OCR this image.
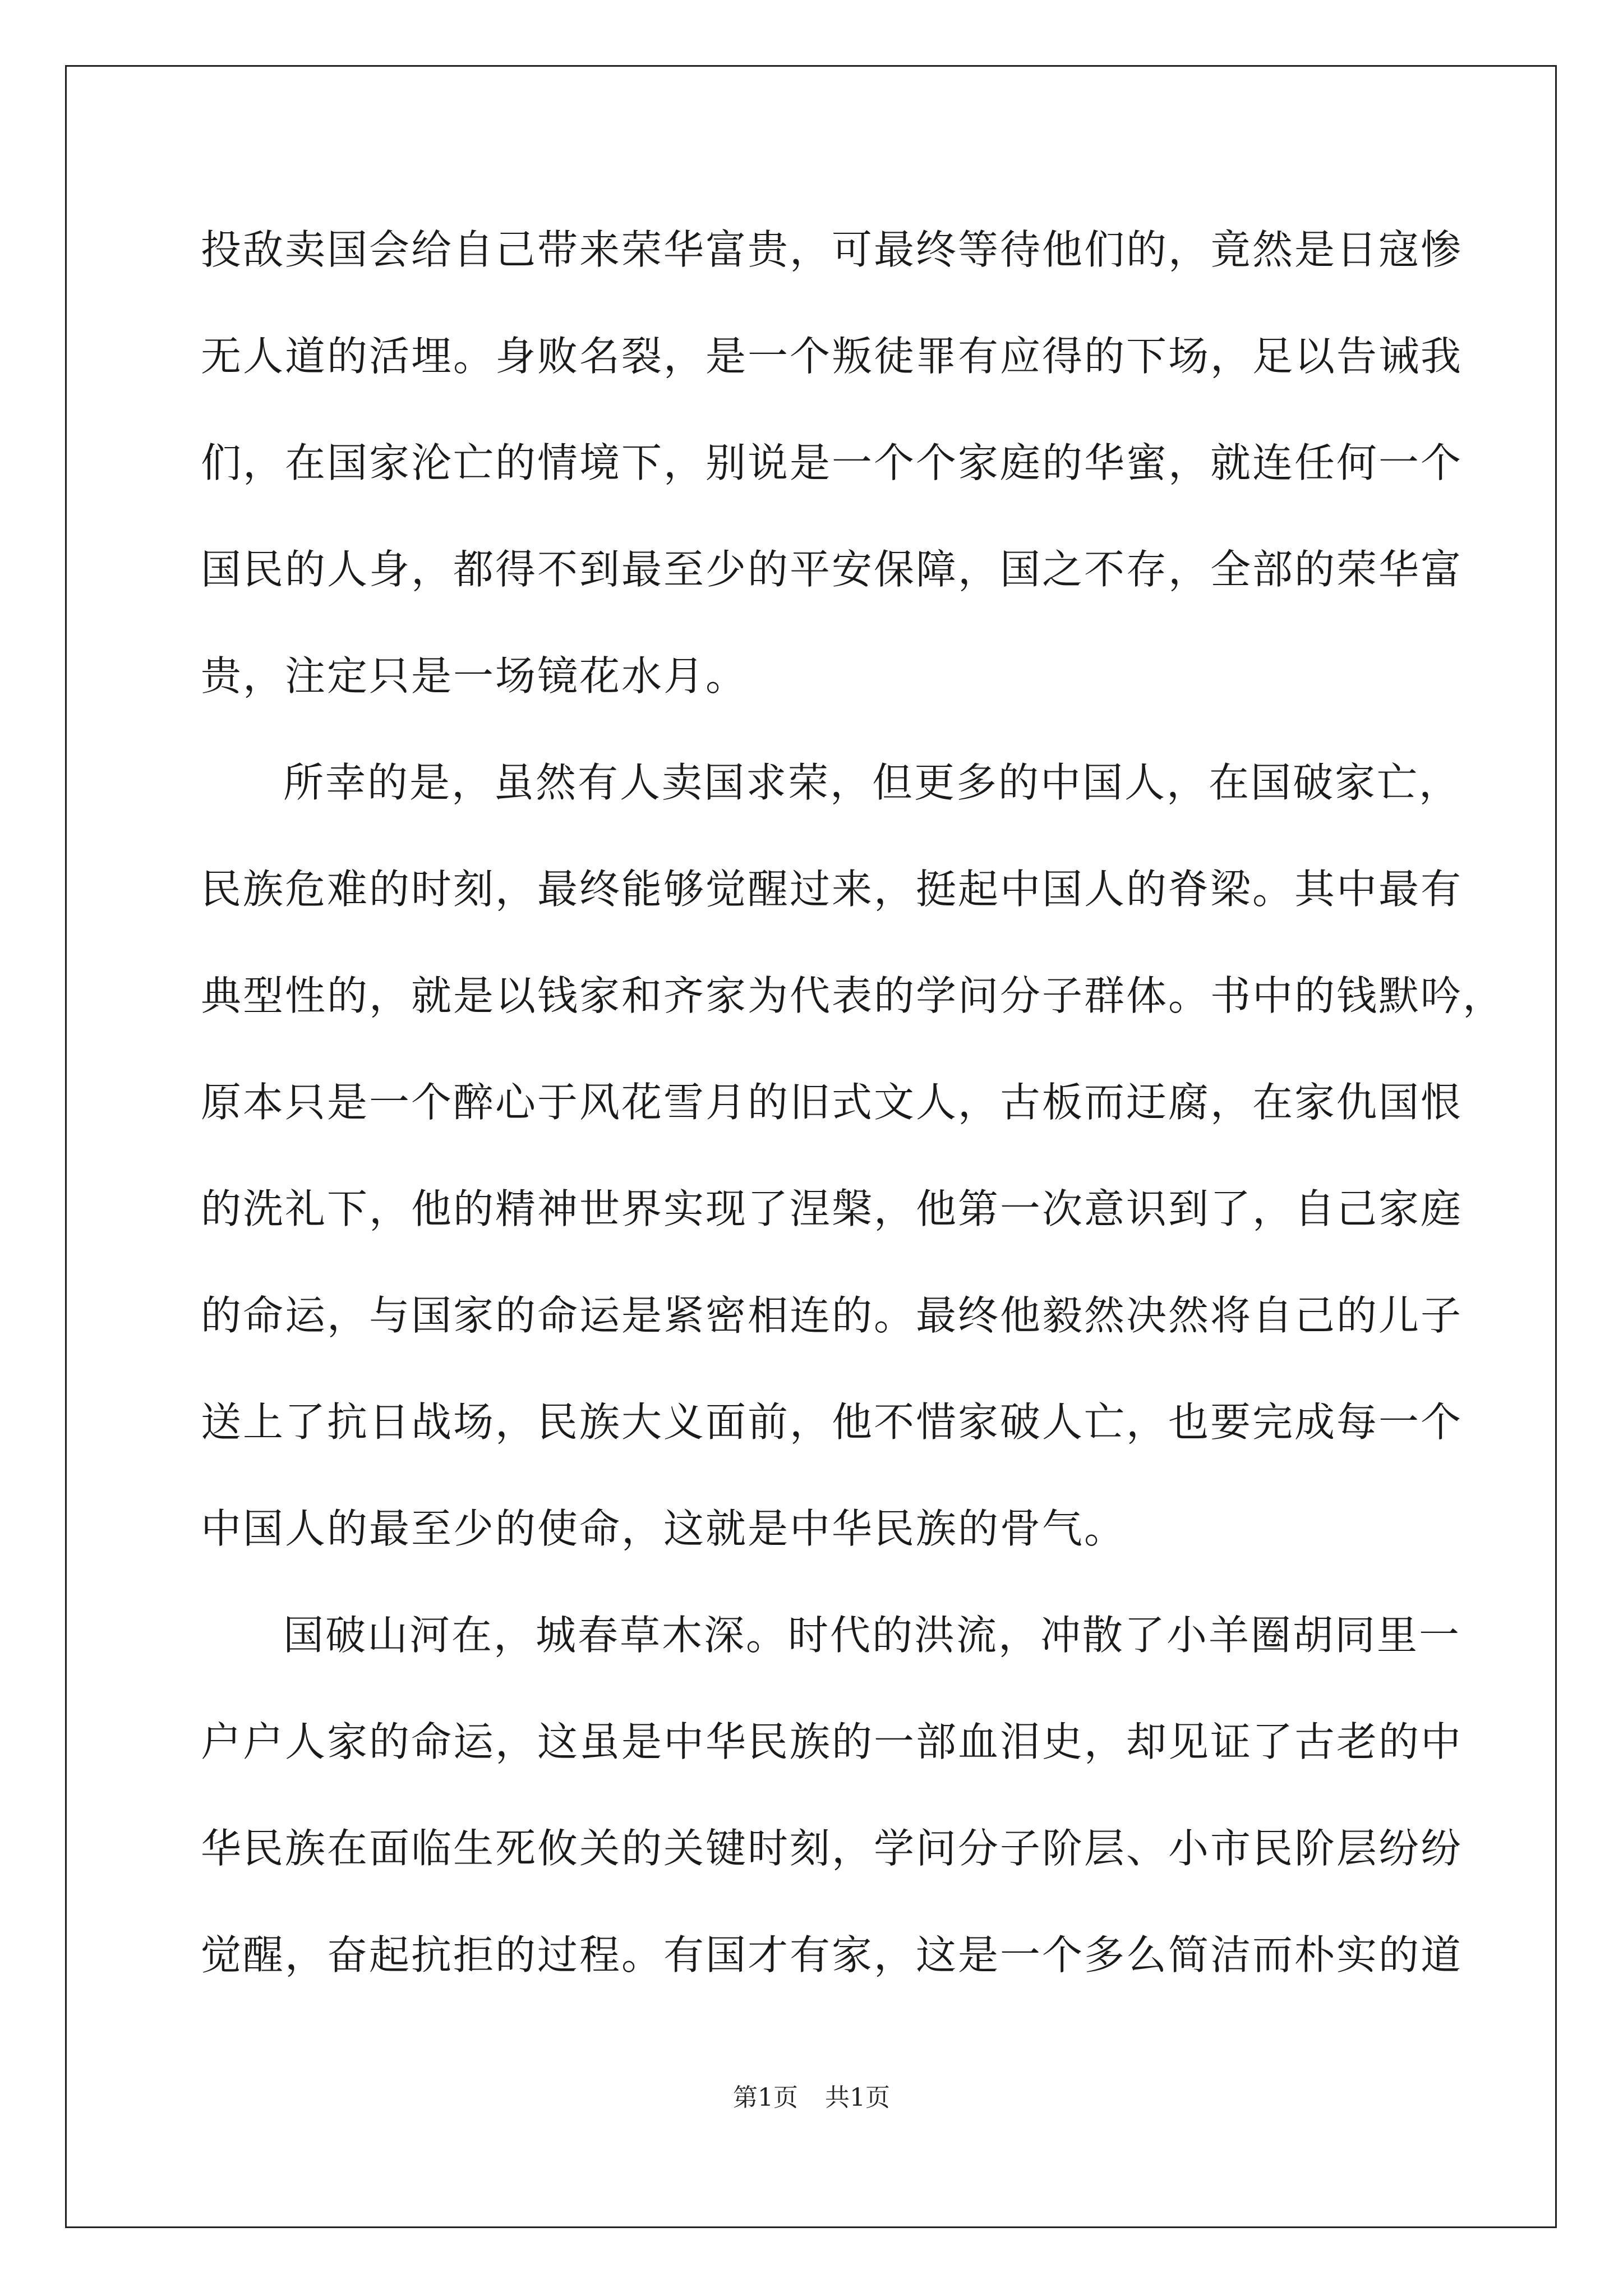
投敌卖国会给自己带来荣华富贵，可最终等待他们的，竟然是日寇惨
无人道的活埋。身败名裂，是一个叛徒罪有应得的下场，足以告诫我
们，在国家沦亡的情境下，别说是一个个家庭的华蜜，就连任何一个
国民的人身，都得不到最至少的平安保障，国之不存，全部的荣华富
贵，注定只是一场镜花水月。
所幸的是，虽然有人卖国求荣，但更多的中国人，在国破家亡，
民族危难的时刻，最终能够觉醒过来，挺起中国人的脊梁。其中最有
典型性的，就是以钱家和齐家为代表的学问分子群体。书中的钱默吟，
原本只是一个醉心于风花雪月的旧式文人，古板而迂腐，在家仇国恨
的洗礼下，他的精神世界实现了涅槃，他第一次意识到了，自己家庭
的命运，与国家的命运是紧密相连的。最终他毅然决然将自己的儿子
送上了抗日战场，民族大义面前，他不惜家破人亡，也要完成每一个
中国人的最至少的使命，这就是中华民族的骨气。
国破山河在，城春草木深。时代的洪流，冲散了小羊圈胡同里一
户户人家的命运，这虽是中华民族的一部血泪史，却见证了古老的中
华民族在面临生死攸关的关键时刻，学问分子阶层、小市民阶层纷纷
觉醒，奋起抗拒的过程。有国才有家，这是一个多么简洁而朴实的道
第1页 共1页
